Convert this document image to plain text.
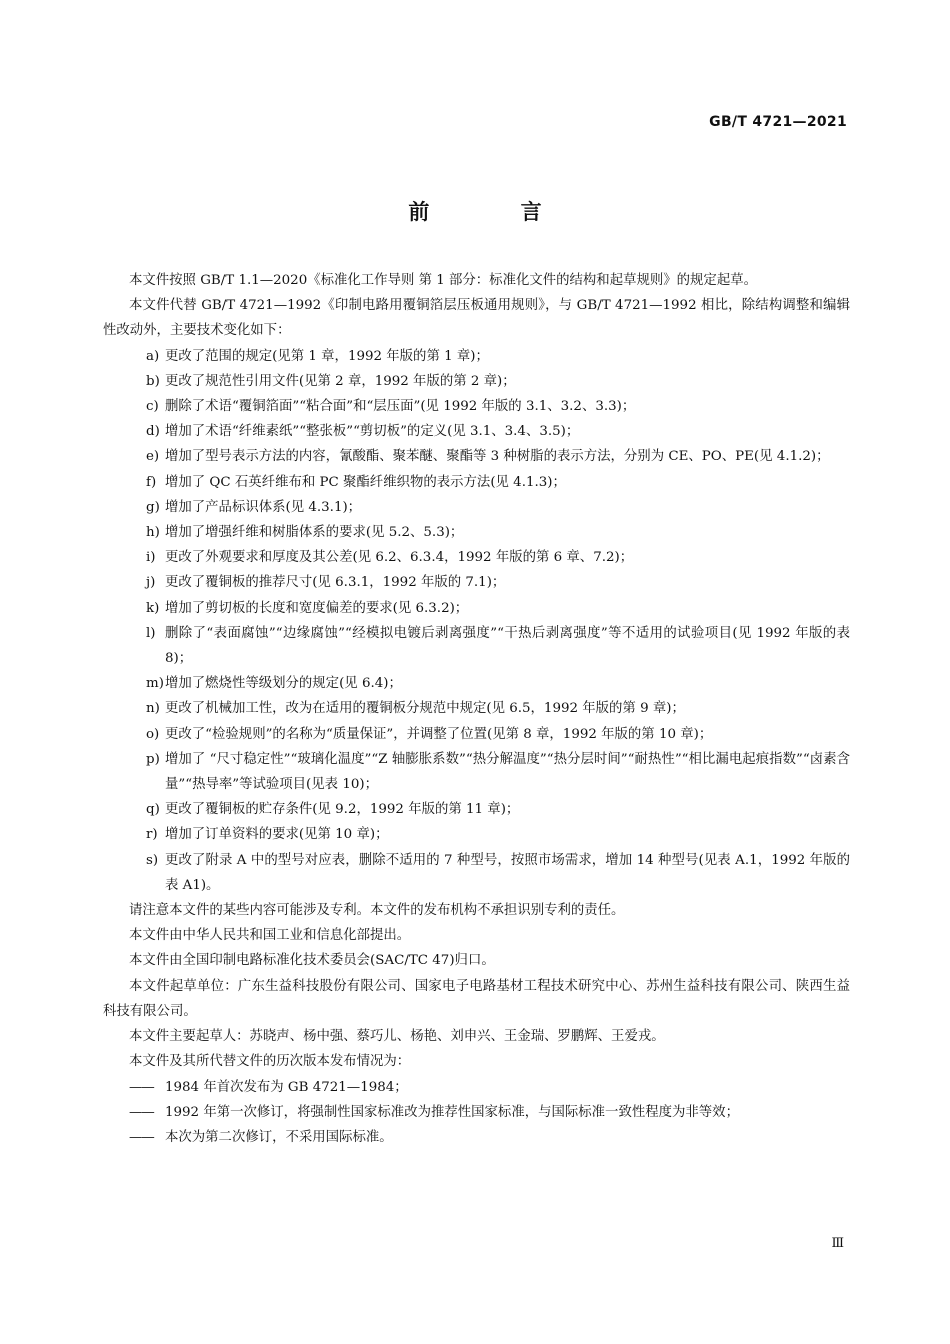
GB/T 4721—2021
前 言

本文件按照 GB/T 1.1—2020《标准化工作导则 第 1 部分：标准化文件的结构和起草规则》的规定起草。

本文件代替 GB/T 4721—1992《印制电路用覆铜箔层压板通用规则》，与 GB/T 4721—1992 相比，除结构调整和编辑性改动外，主要技术变化如下：

a) 更改了范围的规定(见第 1 章，1992 年版的第 1 章)；
b) 更改了规范性引用文件(见第 2 章，1992 年版的第 2 章)；
c) 删除了术语“覆铜箔面”“粘合面”和“层压面”(见 1992 年版的 3.1、3.2、3.3)；
d) 增加了术语“纤维素纸”“整张板”“剪切板”的定义(见 3.1、3.4、3.5)；
e) 增加了型号表示方法的内容，氰酸酯、聚苯醚、聚酯等 3 种树脂的表示方法，分别为 CE、PO、PE(见 4.1.2)；
f) 增加了 QC 石英纤维布和 PC 聚酯纤维织物的表示方法(见 4.1.3)；
g) 增加了产品标识体系(见 4.3.1)；
h) 增加了增强纤维和树脂体系的要求(见 5.2、5.3)；
i) 更改了外观要求和厚度及其公差(见 6.2、6.3.4，1992 年版的第 6 章、7.2)；
j) 更改了覆铜板的推荐尺寸(见 6.3.1，1992 年版的 7.1)；
k) 增加了剪切板的长度和宽度偏差的要求(见 6.3.2)；
l) 删除了“表面腐蚀”“边缘腐蚀”“经模拟电镀后剥离强度”“干热后剥离强度”等不适用的试验项目(见 1992 年版的表 8)；
m) 增加了燃烧性等级划分的规定(见 6.4)；
n) 更改了机械加工性，改为在适用的覆铜板分规范中规定(见 6.5，1992 年版的第 9 章)；
o) 更改了“检验规则”的名称为“质量保证”，并调整了位置(见第 8 章，1992 年版的第 10 章)；
p) 增加了 “尺寸稳定性”“玻璃化温度”“Z 轴膨胀系数”“热分解温度”“热分层时间”“耐热性”“相比漏电起痕指数”“卤素含量”“热导率”等试验项目(见表 10)；
q) 更改了覆铜板的贮存条件(见 9.2，1992 年版的第 11 章)；
r) 增加了订单资料的要求(见第 10 章)；
s) 更改了附录 A 中的型号对应表，删除不适用的 7 种型号，按照市场需求，增加 14 种型号(见表 A.1，1992 年版的表 A1)。

请注意本文件的某些内容可能涉及专利。本文件的发布机构不承担识别专利的责任。

本文件由中华人民共和国工业和信息化部提出。

本文件由全国印制电路标准化技术委员会(SAC/TC 47)归口。

本文件起草单位：广东生益科技股份有限公司、国家电子电路基材工程技术研究中心、苏州生益科技有限公司、陕西生益科技有限公司。

本文件主要起草人：苏晓声、杨中强、蔡巧儿、杨艳、刘申兴、王金瑞、罗鹏辉、王爱戎。

本文件及其所代替文件的历次版本发布情况为：

—— 1984 年首次发布为 GB 4721—1984；
—— 1992 年第一次修订，将强制性国家标准改为推荐性国家标准，与国际标准一致性程度为非等效；
—— 本次为第二次修订，不采用国际标准。
Ⅲ
